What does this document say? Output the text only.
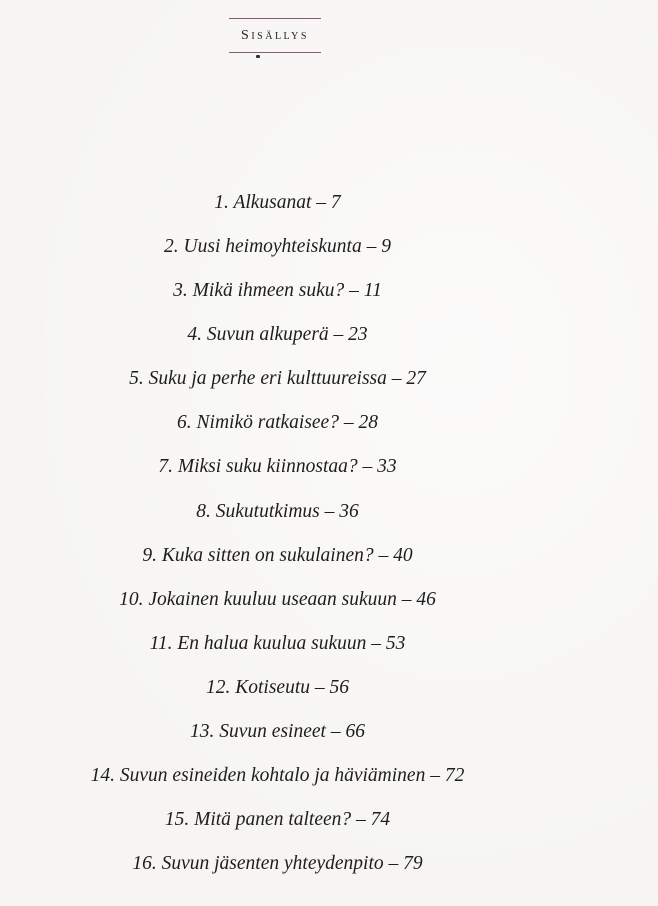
Sisällys
1. Alkusanat – 7
2. Uusi heimoyhteiskunta – 9
3. Mikä ihmeen suku? – 11
4. Suvun alkuperä – 23
5. Suku ja perhe eri kulttuureissa – 27
6. Nimikö ratkaisee? – 28
7. Miksi suku kiinnostaa? – 33
8. Sukututkimus – 36
9. Kuka sitten on sukulainen? – 40
10. Jokainen kuuluu useaan sukuun – 46
11. En halua kuulua sukuun – 53
12. Kotiseutu – 56
13. Suvun esineet – 66
14. Suvun esineiden kohtalo ja häviäminen – 72
15. Mitä panen talteen? – 74
16. Suvun jäsenten yhteydenpito – 79
